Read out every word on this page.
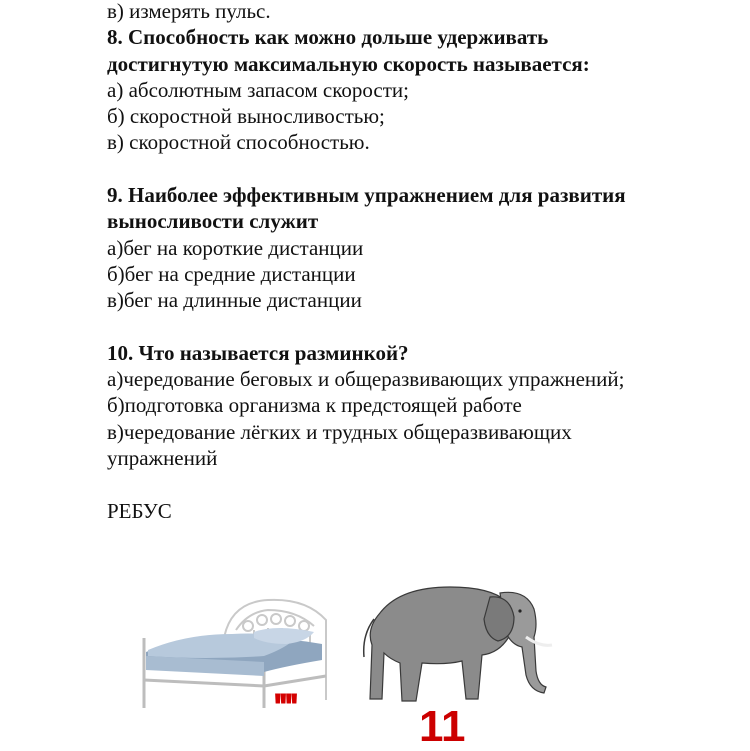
в) измерять пульс.

8. Способность как можно дольше удерживать

достигнутую максимальную скорость называется:

а) абсолютным запасом скорости;

б) скоростной выносливостью;

в) скоростной способностью.

9. Наиболее эффективным упражнением для развития

выносливости служит

а)бег на короткие дистанции

б)бег на средние дистанции

в)бег на длинные дистанции

10. Что называется разминкой?

а)чередование беговых и общеразвивающих упражнений;

б)подготовка организма к предстоящей работе

в)чередование лёгких и трудных общеразвивающих

упражнений

РЕБУС

''''	11
